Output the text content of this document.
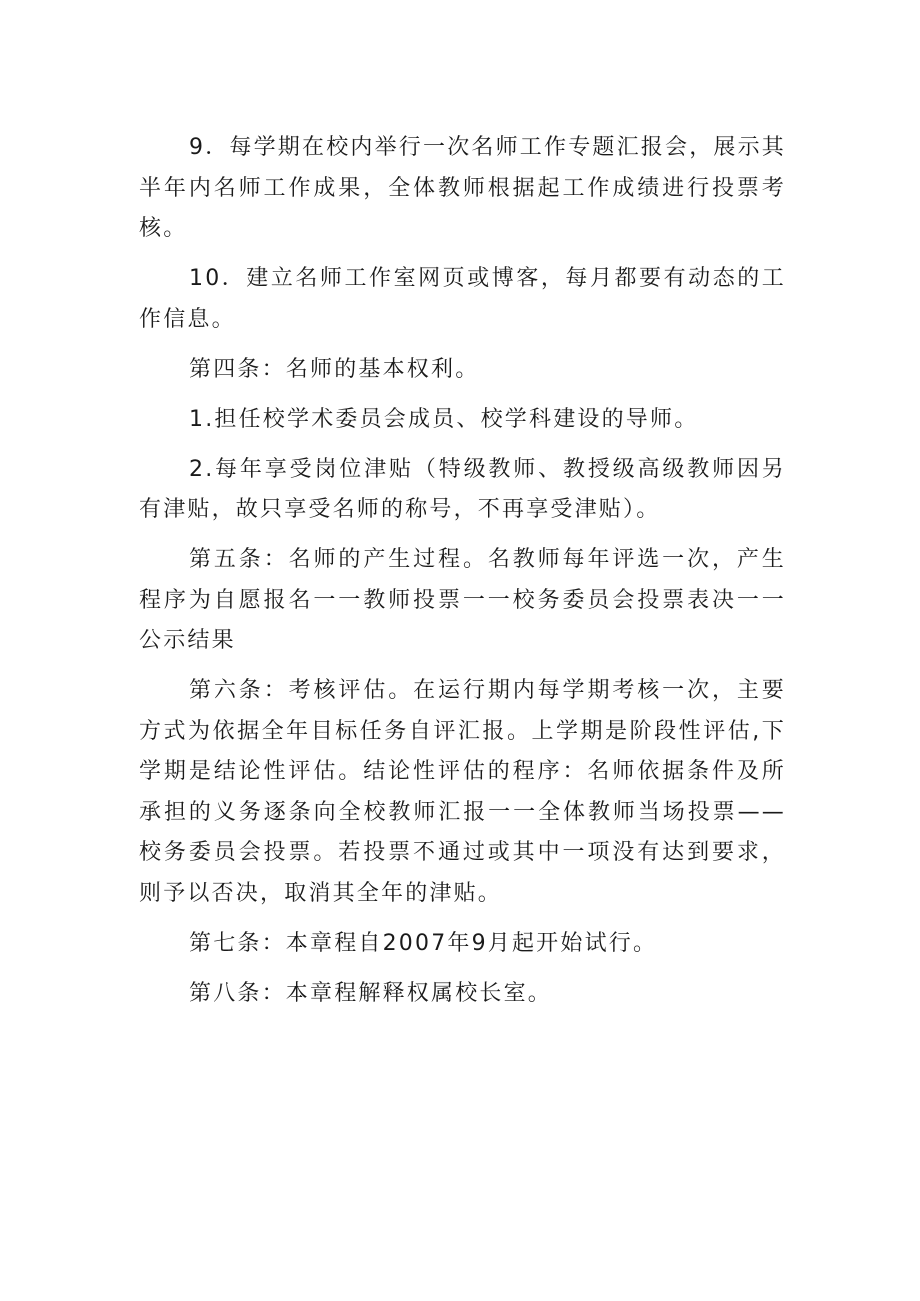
9．每学期在校内举行一次名师工作专题汇报会，展示其半年内名师工作成果，全体教师根据起工作成绩进行投票考核。

10．建立名师工作室网页或博客，每月都要有动态的工作信息。

第四条：名师的基本权利。

1.担任校学术委员会成员、校学科建设的导师。

2.每年享受岗位津贴（特级教师、教授级高级教师因另有津贴，故只享受名师的称号，不再享受津贴）。

第五条：名师的产生过程。名教师每年评选一次，产生程序为自愿报名一一教师投票一一校务委员会投票表决一一公示结果

第六条：考核评估。在运行期内每学期考核一次，主要方式为依据全年目标任务自评汇报。上学期是阶段性评估,下学期是结论性评估。结论性评估的程序：名师依据条件及所承担的义务逐条向全校教师汇报一一全体教师当场投票——校务委员会投票。若投票不通过或其中一项没有达到要求，则予以否决，取消其全年的津贴。

第七条：本章程自2007年9月起开始试行。

第八条：本章程解释权属校长室。
